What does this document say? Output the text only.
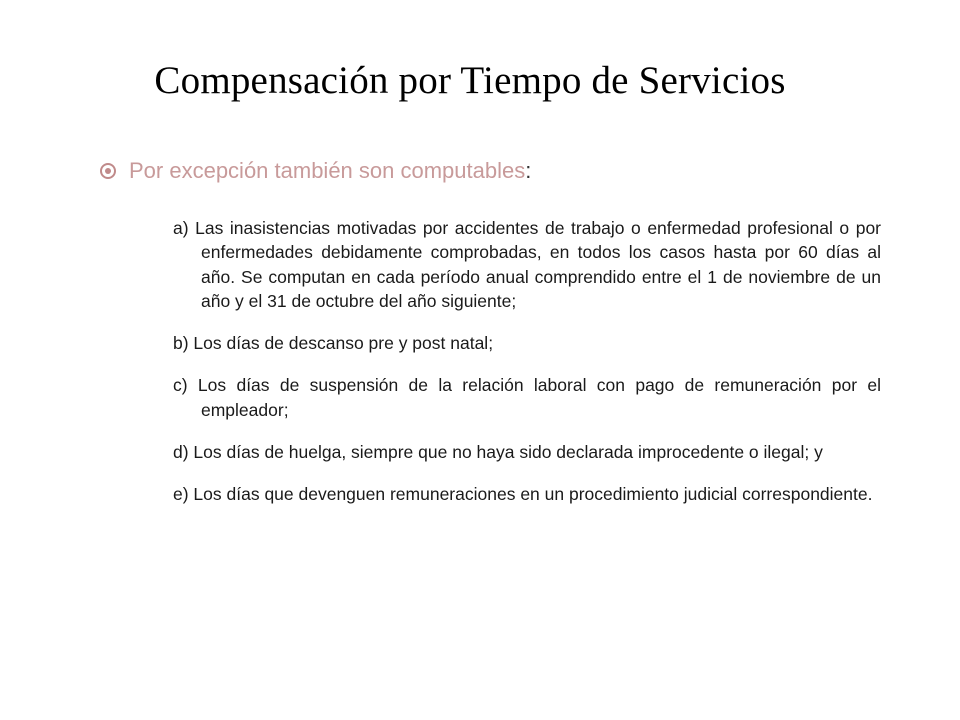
Compensación por Tiempo de Servicios
Por excepción también son computables:

a) Las inasistencias motivadas por accidentes de trabajo o enfermedad profesional o por enfermedades debidamente comprobadas, en todos los casos hasta por 60 días al año. Se computan en cada período anual comprendido entre el 1 de noviembre de un año y el 31 de octubre del año siguiente;

b) Los días de descanso pre y post natal;

c) Los días de suspensión de la relación laboral con pago de remuneración por el empleador;

d) Los días de huelga, siempre que no haya sido declarada improcedente o ilegal; y

e) Los días que devenguen remuneraciones en un procedimiento judicial correspondiente.
